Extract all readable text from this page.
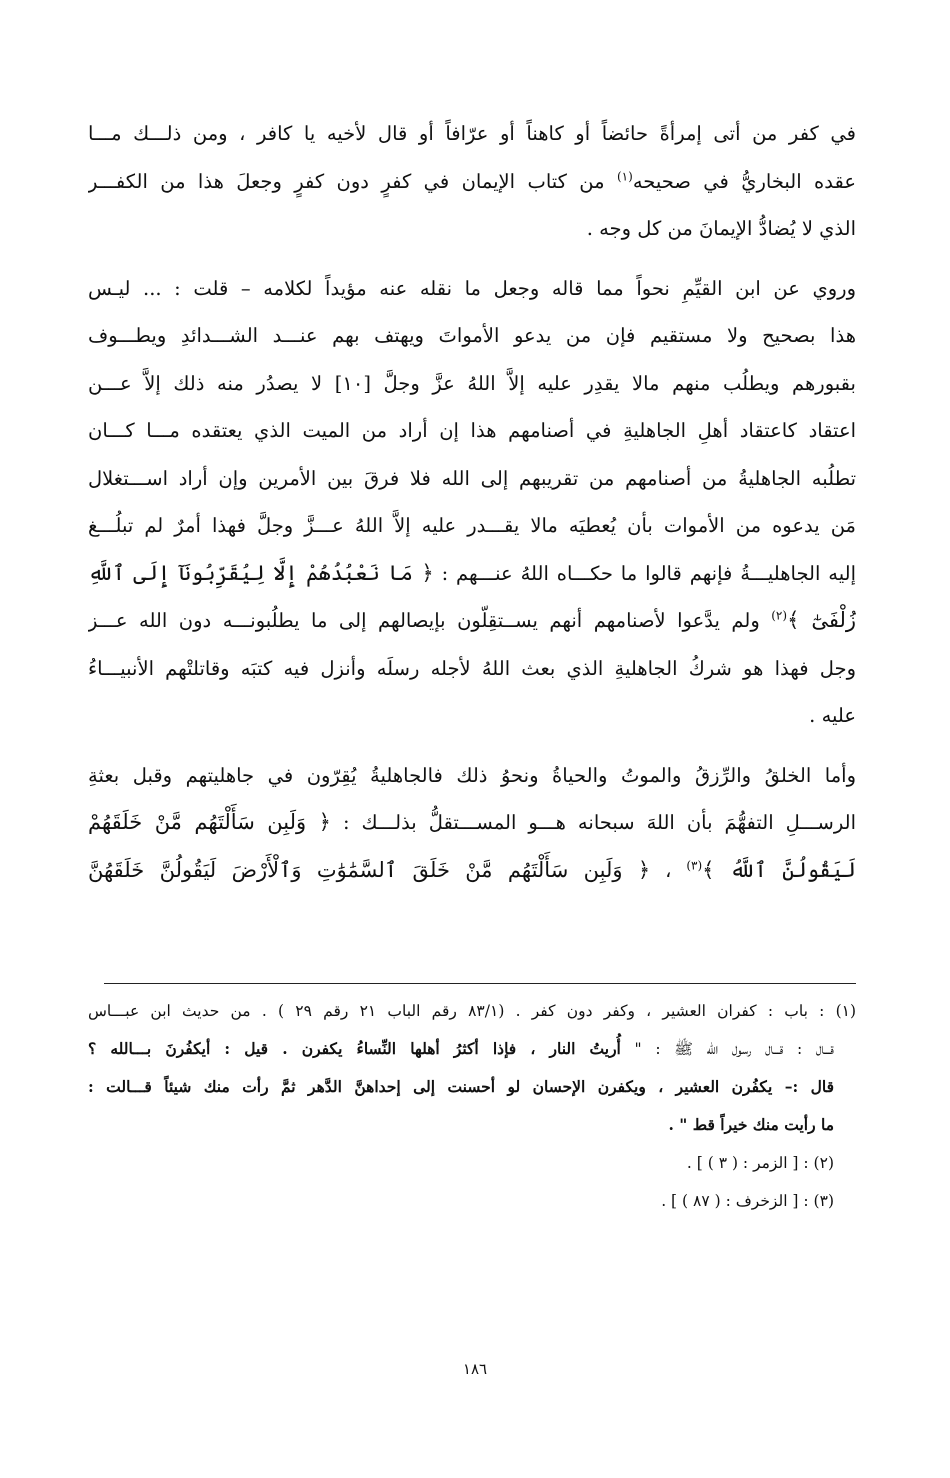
في كفر من أتى إمرأةً حائضاً أو كاهناً أو عرّافاً أو قال لأخيه يا كافر ، ومن ذلـــك مـــا
عقده البخاريُّ في صحيحه$^{(١)}$ من كتاب الإيمان في كفرٍ دون كفرٍ وجعلَ هذا من الكفـــر
الذي لا يُضادُّ الإيمانَ من كل وجه .
وروي عن ابن القيِّمِ نحواً مما قاله وجعل ما نقله عنه مؤيداً لكلامه – قلت : ... ليـس
هذا بصحيح ولا مستقيم فإن من يدعو الأمواتَ ويهتف بهم عنـــد الشـــدائدِ ويطـــوف
بقبورهم ويطلُب منهم مالا يقدِر عليه إلاَّ اللهُ عزَّ وجلَّ [١٠] لا يصدُر منه ذلك إلاَّ عـــن
اعتقاد كاعتقاد أهلِ الجاهليةِ في أصنامهم هذا إن أراد من الميت الذي يعتقده مـــا كـــان
تطلُبه الجاهليةُ من أصنامهم من تقريبهم إلى الله فلا فرقَ بين الأمرين وإن أراد اســـتغلال
مَن يدعوه من الأموات بأن يُعطيَه مالا يقـــدر عليه إلاَّ اللهُ عـــزَّ وجلَّ فهذا أمرٌ لم تبلُـــغ
إليه الجاهليـــةُ فإنهم قالوا ما حكـــاه اللهُ عنـــهم : ﴿ مَا نَعْبُدُهُمْ إِلَّا لِيُقَرِّبُونَآ إِلَى ٱللَّهِ
زُلْفَىٰٓ ﴾$^{(٢)}$ ولم يدَّعوا لأصنامهم أنهم يســتقِلّون بإيصالهم إلى ما يطلُبونـــه دون الله عـــز
وجل فهذا هو شركُ الجاهليةِ الذي بعث اللهُ لأجله رسلَه وأنزل فيه كتبَه وقاتلتْهم الأنبيـــاءُ
عليه .
وأما الخلقُ والرِّزقُ والموتُ والحياةُ ونحوُ ذلك فالجاهليةُ يُقِرّون في جاهليتهم وقبل بعثةِ
الرســـلِ التفهُّمَ بأن اللهَ سبحانه هـــو المســـتقلُّ بذلـــك : ﴿ وَلَبِن سَأَلْتَهُم مَّنْ خَلَقَهُمْ
لَيَقُولُنَّ ٱللَّهُ ﴾$^{(٣)}$ ، ﴿ وَلَبِن سَأَلْتَهُم مَّنْ خَلَقَ ٱلسَّمَٰوَٰتِ وَٱلْأَرْضَ لَيَقُولُنَّ خَلَقَهُنَّ
(١) : باب : كفران العشير ، وكفر دون كفر . (٨٣/١ رقم الباب ٢١ رقم ٢٩ ) . من حديث ابن عبـــاس
قـــال : قـــال رسول الله ﷺ : " أُريتُ النار ، فإذا أكثرُ أهلها النِّساءُ يكفرن . قيل : أيكفُرنَ بـــالله ؟
قال :– يكفُرن العشير ، ويكفرن الإحسان لو أحسنت إلى إحداهنَّ الدَّهر ثمَّ رأت منك شيئاً قـــالت :
ما رأيت منك خيراً قط " .
(٢) : [ الزمر : ( ٣ ) ] .
(٣) : [ الزخرف : ( ٨٧ ) ] .
١٨٦
